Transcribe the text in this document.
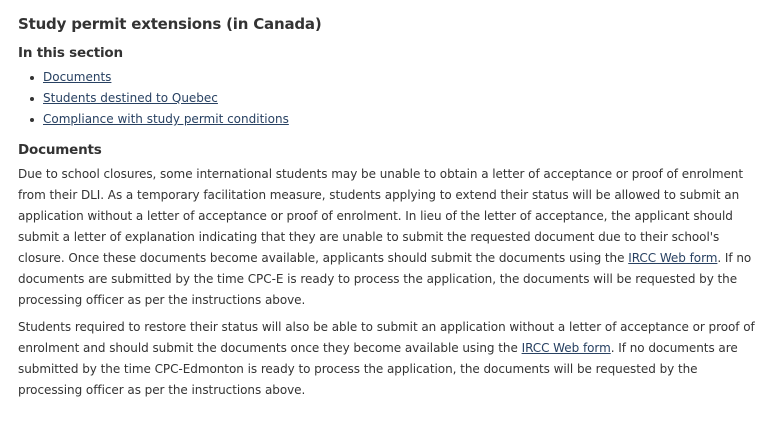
Study permit extensions (in Canada)
In this section
Documents
Students destined to Quebec
Compliance with study permit conditions
Documents

Due to school closures, some international students may be unable to obtain a letter of acceptance or proof of enrolment from their DLI. As a temporary facilitation measure, students applying to extend their status will be allowed to submit an application without a letter of acceptance or proof of enrolment. In lieu of the letter of acceptance, the applicant should submit a letter of explanation indicating that they are unable to submit the requested document due to their school's closure. Once these documents become available, applicants should submit the documents using the IRCC Web form. If no documents are submitted by the time CPC-E is ready to process the application, the documents will be requested by the processing officer as per the instructions above.

Students required to restore their status will also be able to submit an application without a letter of acceptance or proof of enrolment and should submit the documents once they become available using the IRCC Web form. If no documents are submitted by the time CPC-Edmonton is ready to process the application, the documents will be requested by the processing officer as per the instructions above.
